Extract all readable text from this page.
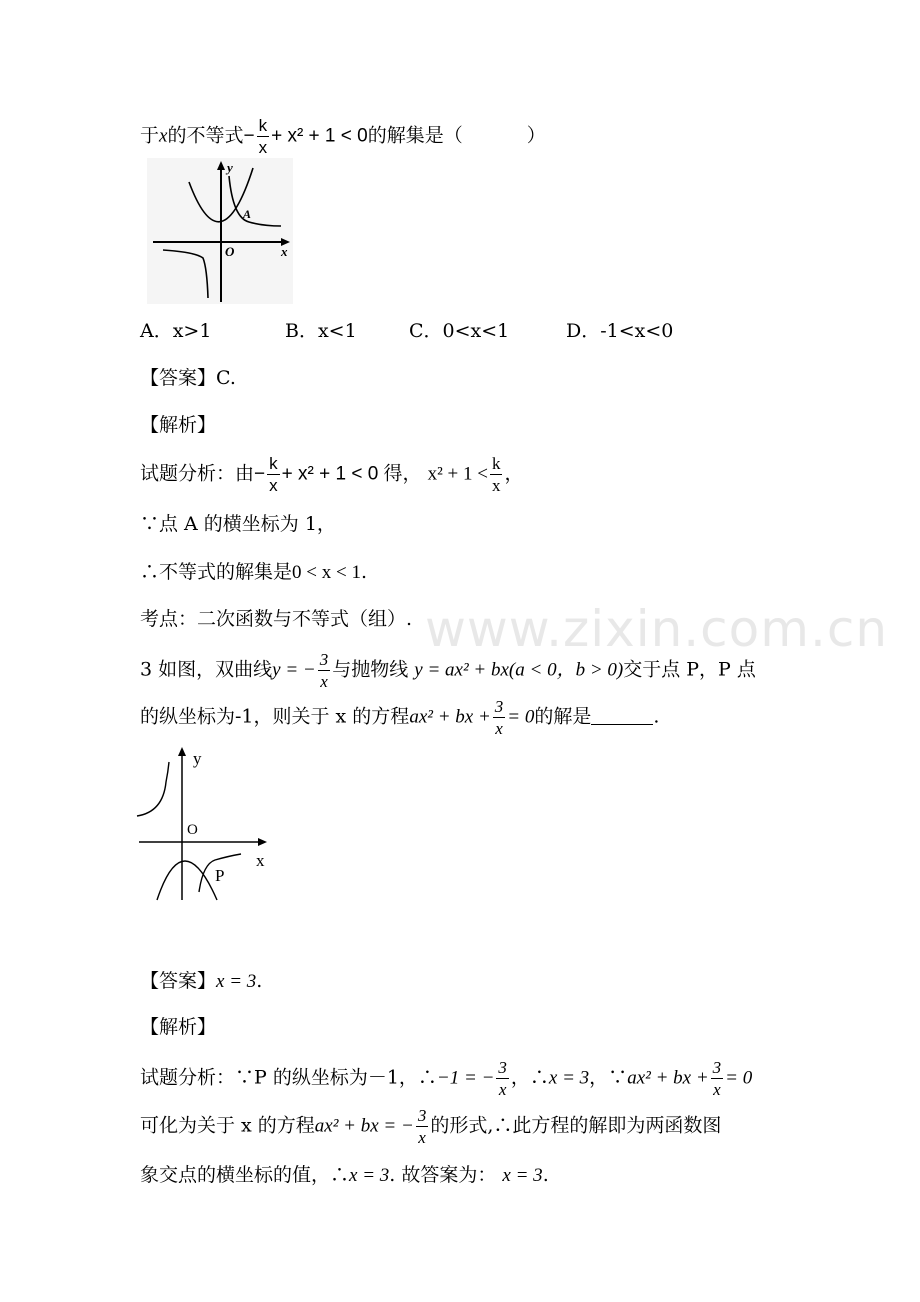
www.zixin.com.cn
于x的不等式− $\frac{k}{x} + x^2 + 1 < 0$的解集是（	）
y
x
O
A
A．x>1	B．x<1	C．0<x<1	D．-1<x<0
【答案】C.
【解析】
试题分析：由− $\frac{k}{x} + x^2 + 1 < 0$ 得， $x^2 + 1 < \frac{k}{x}$ ，
∵点 A 的横坐标为 1，
∴不等式的解集是0 < x < 1.
考点：二次函数与不等式（组）.
3 如图，双曲线y = − $\frac{3}{x}$ 与抛物线 y = ax² + bx(a < 0，b > 0)交于点 P，P 点
的纵坐标为-1，则关于 x 的方程ax² + bx + $\frac{3}{x} = 0$的解是	.
y
O
x
P
【答案】x = 3.
【解析】
试题分析：∵P 的纵坐标为－1，∴−1 = − $\frac{3}{x}$ ，∴x = 3，∵ax² + bx + $\frac{3}{x} = 0$
可化为关于 x 的方程ax² + bx = − $\frac{3}{x}$ 的形式,∴此方程的解即为两函数图
象交点的横坐标的值，∴x = 3. 故答案为： x = 3.
